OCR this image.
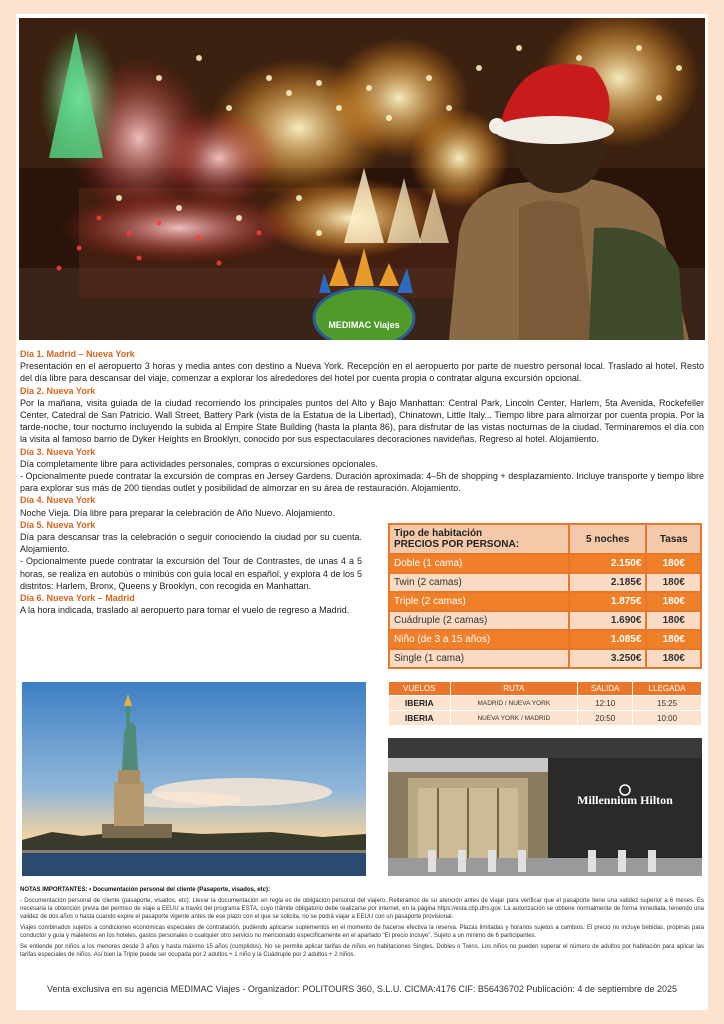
MEDIMAC Viajes
Día 1. Madrid – Nueva York
Presentación en el aeropuerto 3 horas y media antes con destino a Nueva York. Recepción en el aeropuerto por parte de nuestro personal local. Traslado al hotel. Resto del día libre para descansar del viaje, comenzar a explorar los alrededores del hotel por cuenta propia o contratar alguna excursión opcional.
Día 2. Nueva York
Por la mañana, visita guiada de la ciudad recorriendo los principales puntos del Alto y Bajo Manhattan: Central Park, Lincoln Center, Harlem, 5ta Avenida, Rockefeller Center, Catedral de San Patricio. Wall Street, Battery Park (vista de la Estatua de la Libertad), Chinatown, Little Italy... Tiempo libre para almorzar por cuenta propia. Por la tarde-noche, tour nocturno incluyendo la subida al Empire State Building (hasta la planta 86), para disfrutar de las vistas nocturnas de la ciudad. Terminaremos el día con la visita al famoso barrio de Dyker Heights en Brooklyn, conocido por sus espectaculares decoraciones navideñas. Regreso al hotel. Alojamiento.
Día 3. Nueva York
Día completamente libre para actividades personales, compras o excursiones opcionales.
- Opcionalmente puede contratar la excursión de compras en Jersey Gardens. Duración aproximada: 4–5h de shopping + desplazamiento. Incluye transporte y tiempo libre para explorar sus más de 200 tiendas outlet y posibilidad de almorzar en su área de restauración. Alojamiento.
Día 4. Nueva York
Noche Vieja. Día libre para preparar la celebración de Año Nuevo. Alojamiento.
Día 5. Nueva York
Día para descansar tras la celebración o seguir conociendo la ciudad por su cuenta. Alojamiento.
- Opcionalmente puede contratar la excursión del Tour de Contrastes, de unas 4 a 5 horas, se realiza en autobús o minibús con guía local en español, y explora 4 de los 5 distritos: Harlem, Bronx, Queens y Brooklyn, con recogida en Manhattan.
Día 6. Nueva York – Madrid
A la hora indicada, traslado al aeropuerto para tomar el vuelo de regreso a Madrid.
Tipo de habitación
PRECIOS POR PERSONA:	5 noches	Tasas
Doble (1 cama)	2.150€	180€
Twin (2 camas)	2.185€	180€
Triple (2 camas)	1.875€	180€
Cuádruple (2 camas)	1.690€	180€
Niño (de 3 a 15 años)	1.085€	180€
Single (1 cama)	3.250€	180€
VUELOS	RUTA	SALIDA	LLEGADA
IBERIA	MADRID / NUEVA YORK	12:10	15:25
IBERIA	NUEVA YORK / MADRID	20:50	10:00
Millennium Hilton

NOTAS IMPORTANTES: • Documentación personal del cliente (Pasaporte, visados, etc):

- Documentación personal de cliente (pasaporte, visados, etc): Llevar la documentación en regla es de obligación personal del viajero. Reiteramos de su atención antes de viajar para verificar que el pasaporte tiene una validez superior a 6 meses. Es necesaria la obtención previa del permiso de viaje a EEUU a través del programa ESTA, cuyo trámite obligatorio debe realizarse por internet, en la página https://esta.cbp.dhs.gov. La autorización se obtiene normalmente de forma inmediata, teniendo una validez de dos años o hasta cuando expire el pasaporte vigente antes de ese plazo con el que se solicita, no se podrá viajar a EEUU con un pasaporte provisional.

Viajes combinados sujetos a condiciones económicas especiales de contratación, pudiendo aplicarse suplementos en el momento de hacerse efectiva la reserva. Plazas limitadas y horarios sujetos a cambios. El precio no incluye bebidas, propinas para conductor y guía y maleteros en los hoteles, gastos personales o cualquier otro servicio no mencionado específicamente en el apartado "El precio incluye". Sujeto a un mínimo de 6 participantes.

Se entiende por niños a los menores desde 3 años y hasta máximo 15 años (cumplidos). No se permite aplicar tarifas de niños en habitaciones Singles, Dobles o Twins. Los niños no pueden superar el número de adultos por habitación para aplicar las tarifas especiales de niños. Así bien la Triple puede ser ocupada por 2 adultos + 1 niño y la Cuádruple por 2 adultos + 2 niños.

Venta exclusiva en su agencia MEDIMAC Viajes - Organizador: POLITOURS 360, S.L.U. CICMA:4176 CIF: B56436702 Publicación: 4 de septiembre de 2025
